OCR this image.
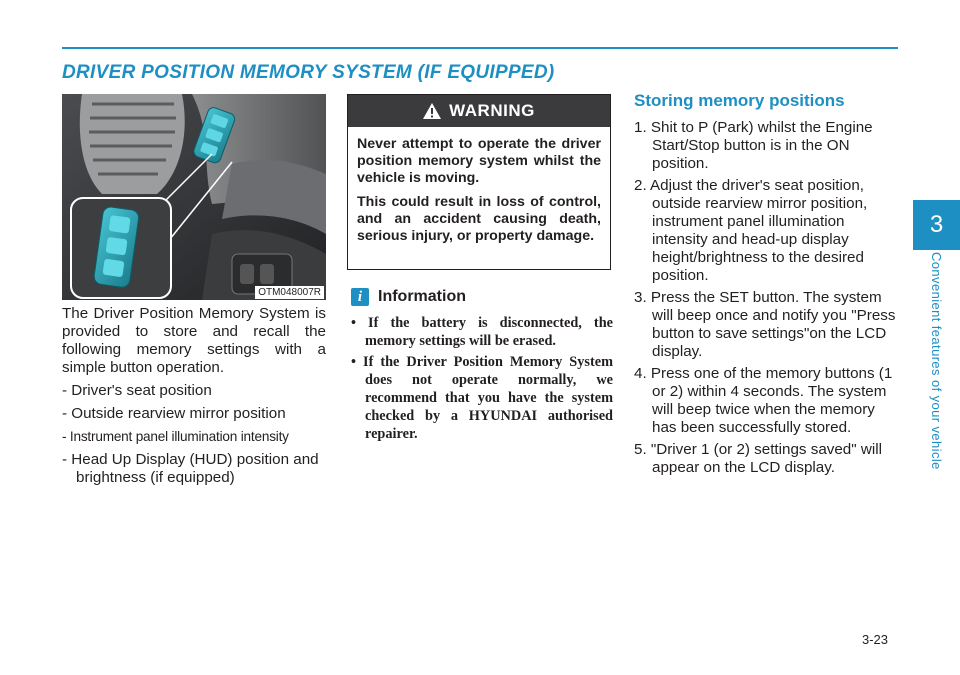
DRIVER POSITION MEMORY SYSTEM (IF EQUIPPED)
OTM048007R

The Driver Position Memory System is provided to store and recall the following memory settings with a simple button operation.

- Driver's seat position
- Outside rearview mirror position
- Instrument panel illumination intensity
- Head Up Display (HUD) position and brightness (if equipped)
WARNING

Never attempt to operate the driver position memory system whilst the vehicle is moving.

This could result in loss of control, and an accident causing death, serious injury, or property damage.

i Information
• If the battery is disconnected, the memory settings will be erased.
• If the Driver Position Memory System does not operate normally, we recommend that you have the system checked by a HYUNDAI authorised repairer.
Storing memory positions
1. Shit to P (Park) whilst the Engine Start/Stop button is in the ON position.
2. Adjust the driver's seat position, outside rearview mirror position, instrument panel illumination intensity and head-up display height/brightness to the desired position.
3. Press the SET button. The system will beep once and notify you "Press button to save settings"on the LCD display.
4. Press one of the memory buttons (1 or 2) within 4 seconds. The system will beep twice when the memory has been successfully stored.
5. "Driver 1 (or 2) settings saved" will appear on the LCD display.
3
Convenient features of your vehicle
3-23
